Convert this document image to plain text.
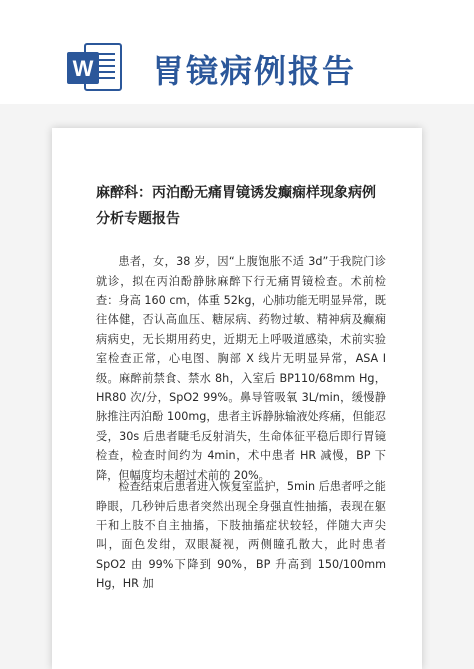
W 胃镜病例报告
麻醉科：丙泊酚无痛胃镜诱发癫痫样现象病例分析专题报告

患者，女，38 岁，因“上腹饱胀不适 3d”于我院门诊就诊，拟在丙泊酚静脉麻醉下行无痛胃镜检查。术前检查：身高 160 cm，体重 52kg，心肺功能无明显异常，既往体健，否认高血压、糖尿病、药物过敏、精神病及癫痫病病史，无长期用药史，近期无上呼吸道感染，术前实验室检查正常，心电图、胸部 X 线片无明显异常，ASA Ⅰ级。麻醉前禁食、禁水 8h，入室后 BP110/68mm Hg，HR80 次/分，SpO2 99%。鼻导管吸氧 3L/min，缓慢静脉推注丙泊酚 100mg，患者主诉静脉输液处疼痛，但能忍受，30s 后患者睫毛反射消失，生命体征平稳后即行胃镜检查，检查时间约为 4min，术中患者 HR 减慢，BP 下降，但幅度均未超过术前的 20%。

检查结束后患者进入恢复室监护，5min 后患者呼之能睁眼，几秒钟后患者突然出现全身强直性抽搐，表现在躯干和上肢不自主抽搐，下肢抽搐症状较轻，伴随大声尖叫，面色发绀，双眼凝视，两侧瞳孔散大，此时患者 SpO2 由 99%下降到 90%，BP 升高到 150/100mm Hg，HR 加
